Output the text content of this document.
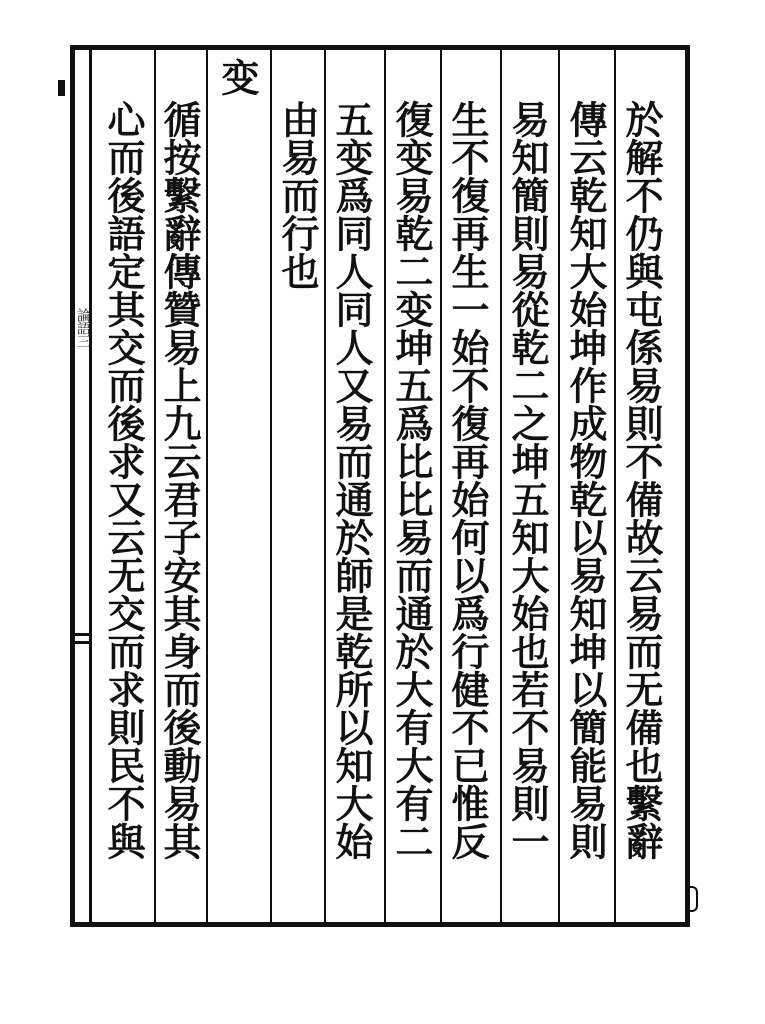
論語三	於解不仍與屯係易則不備故云易而无備也繫辭
傳云乾知大始坤作成物乾以易知坤以簡能易則
易知簡則易從乾二之坤五知大始也若不易則一
生不復再生一始不復再始何以爲行健不已惟反
復变易乾二变坤五爲比比易而通於大有大有二
五变爲同人同人又易而通於師是乾所以知大始
由易而行也
变
循按繫辭傳贊易上九云君子安其身而後動易其
心而後語定其交而後求又云无交而求則民不與
